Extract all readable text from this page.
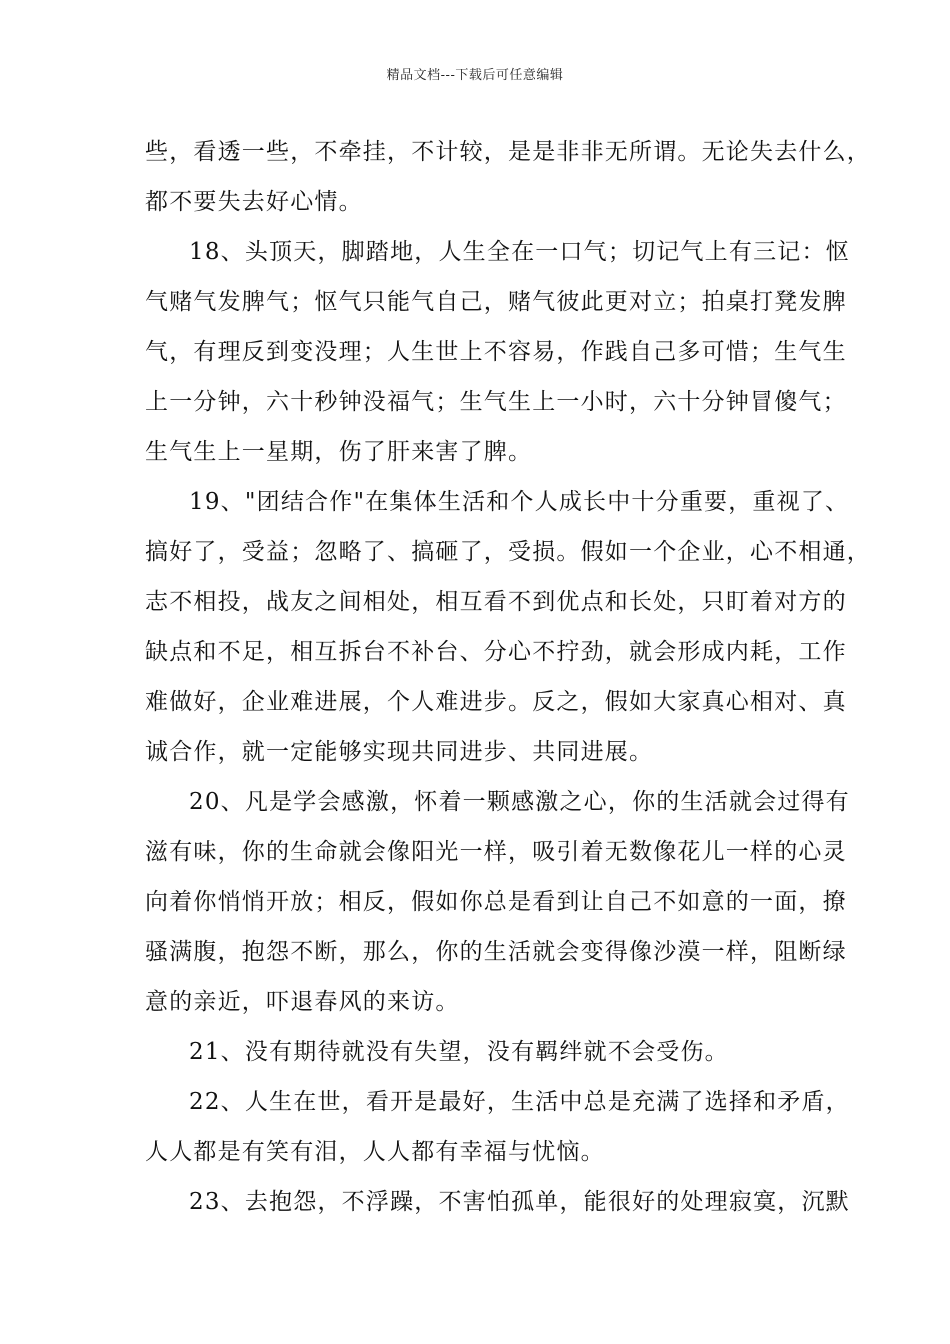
精品文档---下载后可任意编辑
些，看透一些，不牵挂，不计较，是是非非无所谓。无论失去什么，
都不要失去好心情。
18、头顶天，脚踏地，人生全在一口气；切记气上有三记：怄
气赌气发脾气；怄气只能气自己，赌气彼此更对立；拍桌打凳发脾
气，有理反到变没理；人生世上不容易，作践自己多可惜；生气生
上一分钟，六十秒钟没福气；生气生上一小时，六十分钟冒傻气；
生气生上一星期，伤了肝来害了脾。
19、"团结合作"在集体生活和个人成长中十分重要，重视了、
搞好了，受益；忽略了、搞砸了，受损。假如一个企业，心不相通，
志不相投，战友之间相处，相互看不到优点和长处，只盯着对方的
缺点和不足，相互拆台不补台、分心不拧劲，就会形成内耗，工作
难做好，企业难进展，个人难进步。反之，假如大家真心相对、真
诚合作，就一定能够实现共同进步、共同进展。
20、凡是学会感激，怀着一颗感激之心，你的生活就会过得有
滋有味，你的生命就会像阳光一样，吸引着无数像花儿一样的心灵
向着你悄悄开放；相反，假如你总是看到让自己不如意的一面，撩
骚满腹，抱怨不断，那么，你的生活就会变得像沙漠一样，阻断绿
意的亲近，吓退春风的来访。
21、没有期待就没有失望，没有羁绊就不会受伤。
22、人生在世，看开是最好，生活中总是充满了选择和矛盾，
人人都是有笑有泪，人人都有幸福与忧恼。
23、去抱怨，不浮躁，不害怕孤单，能很好的处理寂寞，沉默
